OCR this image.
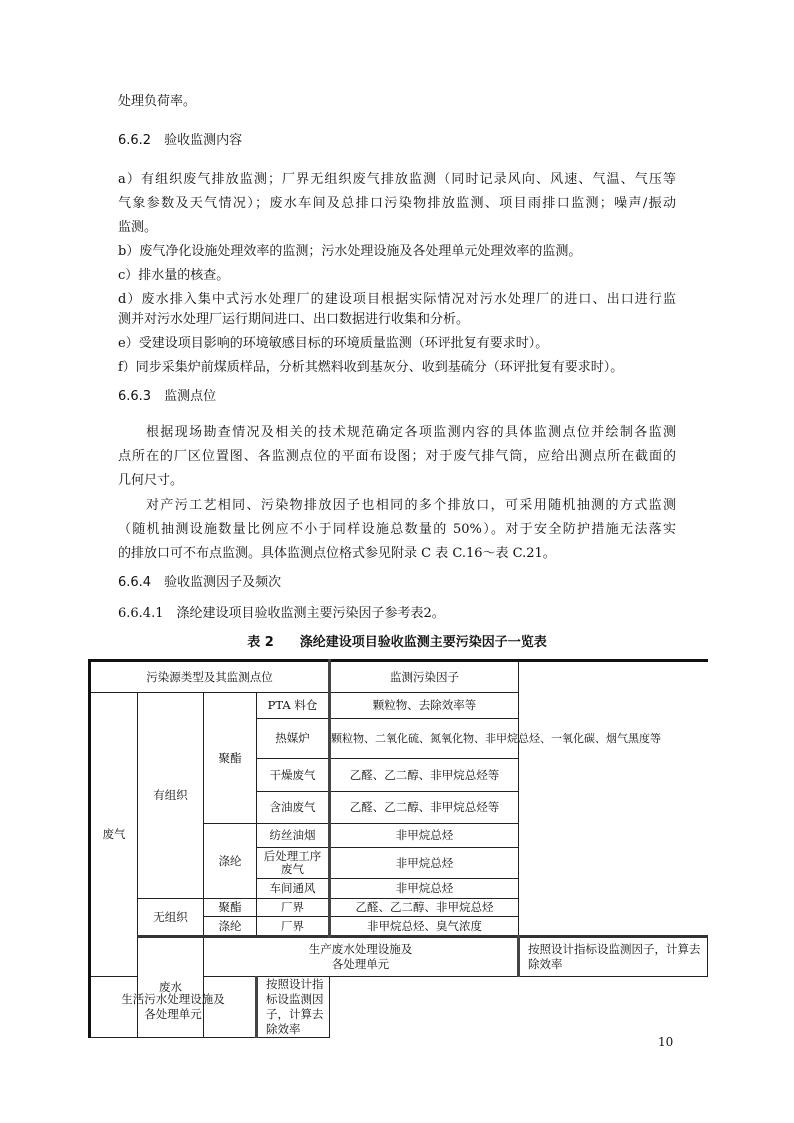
处理负荷率。
6.6.2　验收监测内容
a）有组织废气排放监测；厂界无组织废气排放监测（同时记录风向、风速、气温、气压等
气象参数及天气情况）；废水车间及总排口污染物排放监测、项目雨排口监测；噪声/振动
监测。
b）废气净化设施处理效率的监测；污水处理设施及各处理单元处理效率的监测。
c）排水量的核查。
d）废水排入集中式污水处理厂的建设项目根据实际情况对污水处理厂的进口、出口进行监
测并对污水处理厂运行期间进口、出口数据进行收集和分析。
e）受建设项目影响的环境敏感目标的环境质量监测（环评批复有要求时）。
f）同步采集炉前煤质样品，分析其燃料收到基灰分、收到基硫分（环评批复有要求时）。
6.6.3　监测点位
根据现场勘查情况及相关的技术规范确定各项监测内容的具体监测点位并绘制各监测
点所在的厂区位置图、各监测点位的平面布设图；对于废气排气筒，应给出测点所在截面的
几何尺寸。
对产污工艺相同、污染物排放因子也相同的多个排放口，可采用随机抽测的方式监测
（随机抽测设施数量比例应不小于同样设施总数量的 50%）。对于安全防护措施无法落实
的排放口可不布点监测。具体监测点位格式参见附录 C 表 C.16～表 C.21。
6.6.4　验收监测因子及频次
6.6.4.1　涤纶建设项目验收监测主要污染因子参考表2。
表 2　　涤纶建设项目验收监测主要污染因子一览表
污染源类型及其监测点位				监测污染因子	
废气	有组织	聚酯	PTA 料仓	颗粒物、去除效率等	
			热媒炉	颗粒物、二氧化硫、氮氧化物、非甲烷总烃、一氧化碳、烟气黑度等	
			干燥废气	乙醛、乙二醇、非甲烷总烃等	
			含油废气	乙醛、乙二醇、非甲烷总烃等	
		涤纶	纺丝油烟	非甲烷总烃	
			后处理工序废气	非甲烷总烃	
			车间通风	非甲烷总烃	
	无组织	聚酯	厂界	乙醛、乙二醇、非甲烷总烃	
		涤纶	厂界	非甲烷总烃、臭气浓度	
	废水	生产废水处理设施及各处理单元			按照设计指标设监测因子，计算去除效率

生活污水处理设施及各处理单元			按照设计指标设监测因子，计算去除效率		
10
